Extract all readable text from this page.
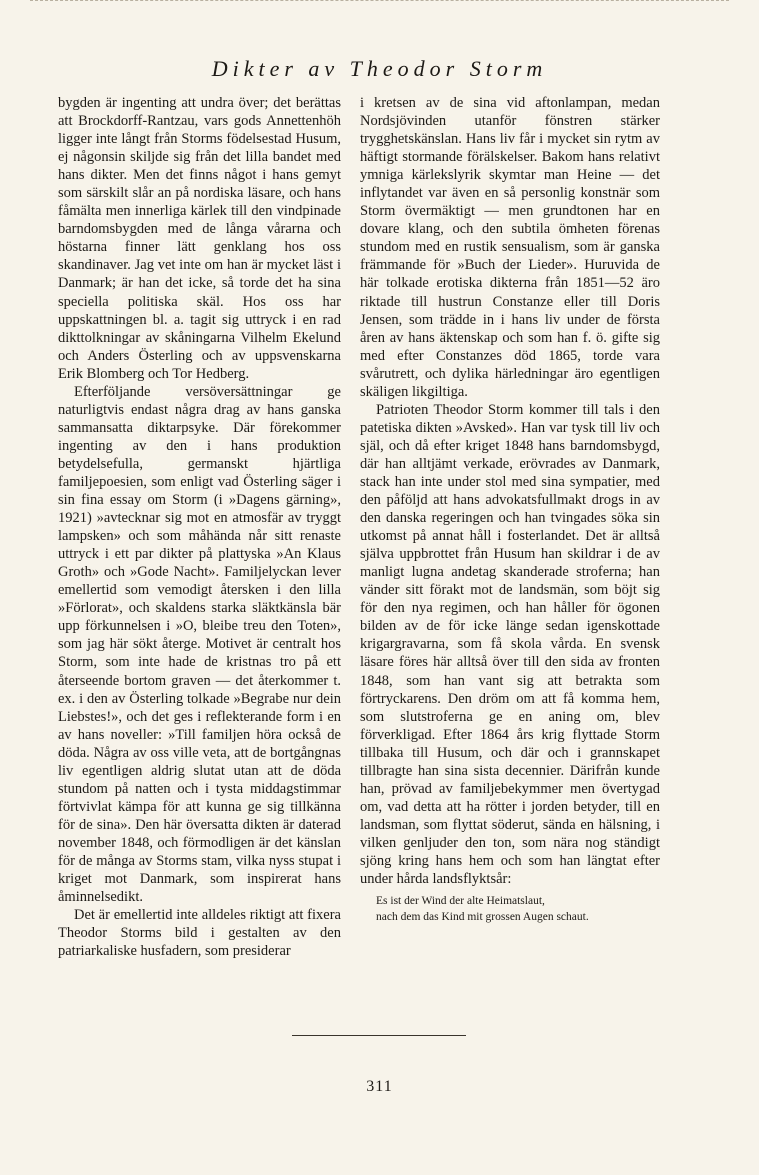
Dikter av Theodor Storm

bygden är ingenting att undra över; det berättas att Brockdorff-Rantzau, vars gods Annettenhöh ligger inte långt från Storms födelsestad Husum, ej någonsin skiljde sig från det lilla bandet med hans dikter. Men det finns något i hans gemyt som särskilt slår an på nordiska läsare, och hans fåmälta men innerliga kärlek till den vindpinade barndomsbygden med de långa vårarna och höstarna finner lätt genklang hos oss skandinaver. Jag vet inte om han är mycket läst i Danmark; är han det icke, så torde det ha sina speciella politiska skäl. Hos oss har uppskattningen bl. a. tagit sig uttryck i en rad dikttolkningar av skåningarna Vilhelm Ekelund och Anders Österling och av uppsvenskarna Erik Blomberg och Tor Hedberg.

Efterföljande versöversättningar ge naturligtvis endast några drag av hans ganska sammansatta diktarpsyke. Där förekommer ingenting av den i hans produktion betydelsefulla, germanskt hjärtliga familjepoesien, som enligt vad Österling säger i sin fina essay om Storm (i »Dagens gärning», 1921) »avtecknar sig mot en atmosfär av tryggt lampsken» och som måhända når sitt renaste uttryck i ett par dikter på plattyska »An Klaus Groth» och »Gode Nacht». Familjelyckan lever emellertid som vemodigt återsken i den lilla »Förlorat», och skaldens starka släktkänsla bär upp förkunnelsen i »O, bleibe treu den Toten», som jag här sökt återge. Motivet är centralt hos Storm, som inte hade de kristnas tro på ett återseende bortom graven — det återkommer t. ex. i den av Österling tolkade »Begrabe nur dein Liebstes!», och det ges i reflekterande form i en av hans noveller: »Till familjen höra också de döda. Några av oss ville veta, att de bortgångnas liv egentligen aldrig slutat utan att de döda stundom på natten och i tysta middagstimmar förtvivlat kämpa för att kunna ge sig tillkänna för de sina». Den här översatta dikten är daterad november 1848, och förmodligen är det känslan för de många av Storms stam, vilka nyss stupat i kriget mot Danmark, som inspirerat hans åminnelsedikt.

Det är emellertid inte alldeles riktigt att fixera Theodor Storms bild i gestalten av den patriarkaliske husfadern, som presiderar

i kretsen av de sina vid aftonlampan, medan Nordsjövinden utanför fönstren stärker trygghetskänslan. Hans liv får i mycket sin rytm av häftigt stormande förälskelser. Bakom hans relativt ymniga kärlekslyrik skymtar man Heine — det inflytandet var även en så personlig konstnär som Storm övermäktigt — men grundtonen har en dovare klang, och den subtila ömheten förenas stundom med en rustik sensualism, som är ganska främmande för »Buch der Lieder». Huruvida de här tolkade erotiska dikterna från 1851—52 äro riktade till hustrun Constanze eller till Doris Jensen, som trädde in i hans liv under de första åren av hans äktenskap och som han f. ö. gifte sig med efter Constanzes död 1865, torde vara svårutrett, och dylika härledningar äro egentligen skäligen likgiltiga.

Patrioten Theodor Storm kommer till tals i den patetiska dikten »Avsked». Han var tysk till liv och själ, och då efter kriget 1848 hans barndomsbygd, där han alltjämt verkade, erövrades av Danmark, stack han inte under stol med sina sympatier, med den påföljd att hans advokatsfullmakt drogs in av den danska regeringen och han tvingades söka sin utkomst på annat håll i fosterlandet. Det är alltså själva uppbrottet från Husum han skildrar i de av manligt lugna andetag skanderade stroferna; han vänder sitt förakt mot de landsmän, som böjt sig för den nya regimen, och han håller för ögonen bilden av de för icke länge sedan igenskottade krigargravarna, som få skola vårda. En svensk läsare föres här alltså över till den sida av fronten 1848, som han vant sig att betrakta som förtryckarens. Den dröm om att få komma hem, som slutstroferna ge en aning om, blev förverkligad. Efter 1864 års krig flyttade Storm tillbaka till Husum, och där och i grannskapet tillbragte han sina sista decennier. Därifrån kunde han, prövad av familjebekymmer men övertygad om, vad detta att ha rötter i jorden betyder, till en landsman, som flyttat söderut, sända en hälsning, i vilken genljuder den ton, som nära nog ständigt sjöng kring hans hem och som han längtat efter under hårda landsflyktsår:

Es ist der Wind der alte Heimatslaut,
nach dem das Kind mit grossen Augen schaut.
311
